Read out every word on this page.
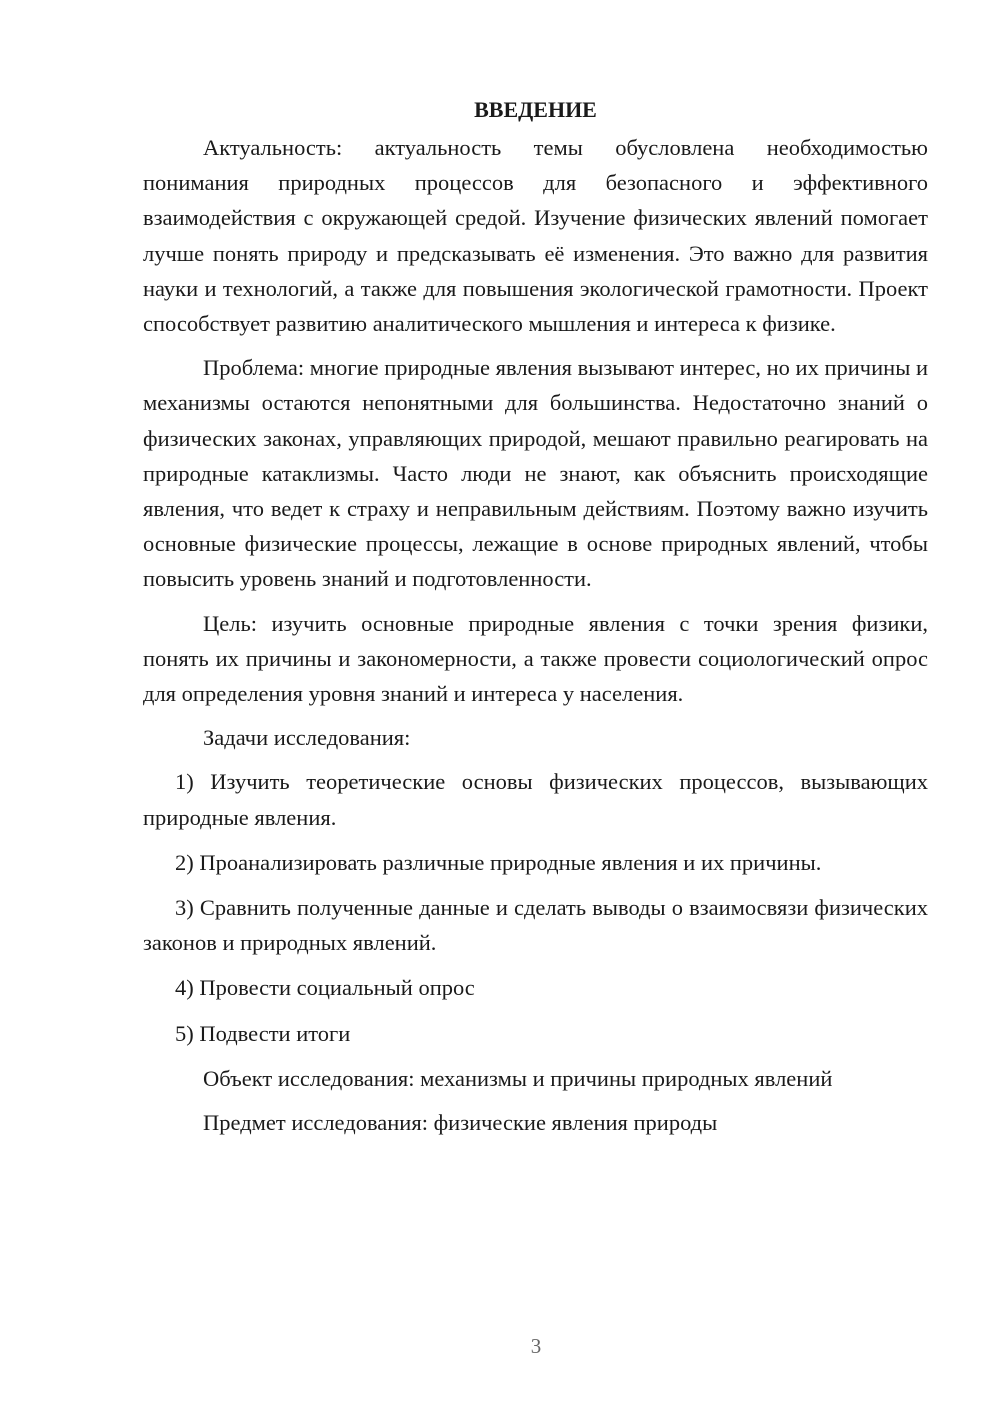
ВВЕДЕНИЕ

Актуальность: актуальность темы обусловлена необходимостью понимания природных процессов для безопасного и эффективного взаимодействия с окружающей средой. Изучение физических явлений помогает лучше понять природу и предсказывать её изменения. Это важно для развития науки и технологий, а также для повышения экологической грамотности. Проект способствует развитию аналитического мышления и интереса к физике.

Проблема: многие природные явления вызывают интерес, но их причины и механизмы остаются непонятными для большинства. Недостаточно знаний о физических законах, управляющих природой, мешают правильно реагировать на природные катаклизмы. Часто люди не знают, как объяснить происходящие явления, что ведет к страху и неправильным действиям. Поэтому важно изучить основные физические процессы, лежащие в основе природных явлений, чтобы повысить уровень знаний и подготовленности.

Цель: изучить основные природные явления с точки зрения физики, понять их причины и закономерности, а также провести социологический опрос для определения уровня знаний и интереса у населения.

Задачи исследования:

1) Изучить теоретические основы физических процессов, вызывающих природные явления.

2) Проанализировать различные природные явления и их причины.

3) Сравнить полученные данные и сделать выводы о взаимосвязи физических законов и природных явлений.

4) Провести социальный опрос

5) Подвести итоги

Объект исследования: механизмы и причины природных явлений

Предмет исследования: физические явления природы

3
